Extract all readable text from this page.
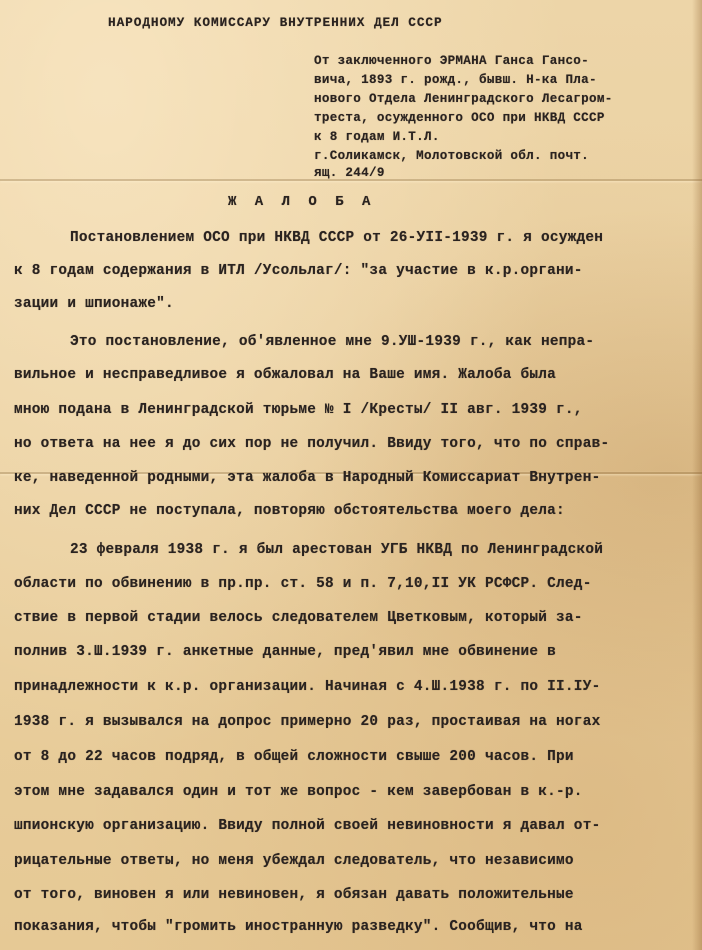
НАРОДНОМУ КОМИССАРУ ВНУТРЕННИХ ДЕЛ СССР
От заключенного ЭРМАНА Ганса Гансо-
вича, 1893 г. рожд., бывш. Н-ка Пла-
нового Отдела Ленинградского Лесагром-
треста, осужденного ОСО при НКВД СССР
к 8 годам И.Т.Л.
г.Соликамск, Молотовской обл. почт.
ящ. 244/9
Ж А Л О Б А
Постановлением ОСО при НКВД СССР от 26-УII-1939 г. я осужден
к 8 годам содержания в ИТЛ /Усольлаг/: "за участие в к.р.органи-
зации и шпионаже".
Это постановление, об'явленное мне 9.УШ-1939 г., как непра-
вильное и несправедливое я обжаловал на Ваше имя. Жалоба была
мною подана в Ленинградской тюрьме № I /Кресты/ II авг. 1939 г.,
но ответа на нее я до сих пор не получил. Ввиду того, что по справ-
ке, наведенной родными, эта жалоба в Народный Комиссариат Внутрен-
них Дел СССР не поступала, повторяю обстоятельства моего дела:
23 февраля 1938 г. я был арестован УГБ НКВД по Ленинградской
области по обвинению в пр.пр. ст. 58 и п. 7,10,II УК РСФСР. След-
ствие в первой стадии велось следователем Цветковым, который за-
полнив 3.Ш.1939 г. анкетные данные, пред'явил мне обвинение в
принадлежности к к.р. организации. Начиная с 4.Ш.1938 г. по II.IУ-
1938 г. я вызывался на допрос примерно 20 раз, простаивая на ногах
от 8 до 22 часов подряд, в общей сложности свыше 200 часов. При
этом мне задавался один и тот же вопрос - кем завербован в к.-р.
шпионскую организацию. Ввиду полной своей невиновности я давал от-
рицательные ответы, но меня убеждал следователь, что независимо
от того, виновен я или невиновен, я обязан давать положительные
показания, чтобы "громить иностранную разведку". Сообщив, что на
